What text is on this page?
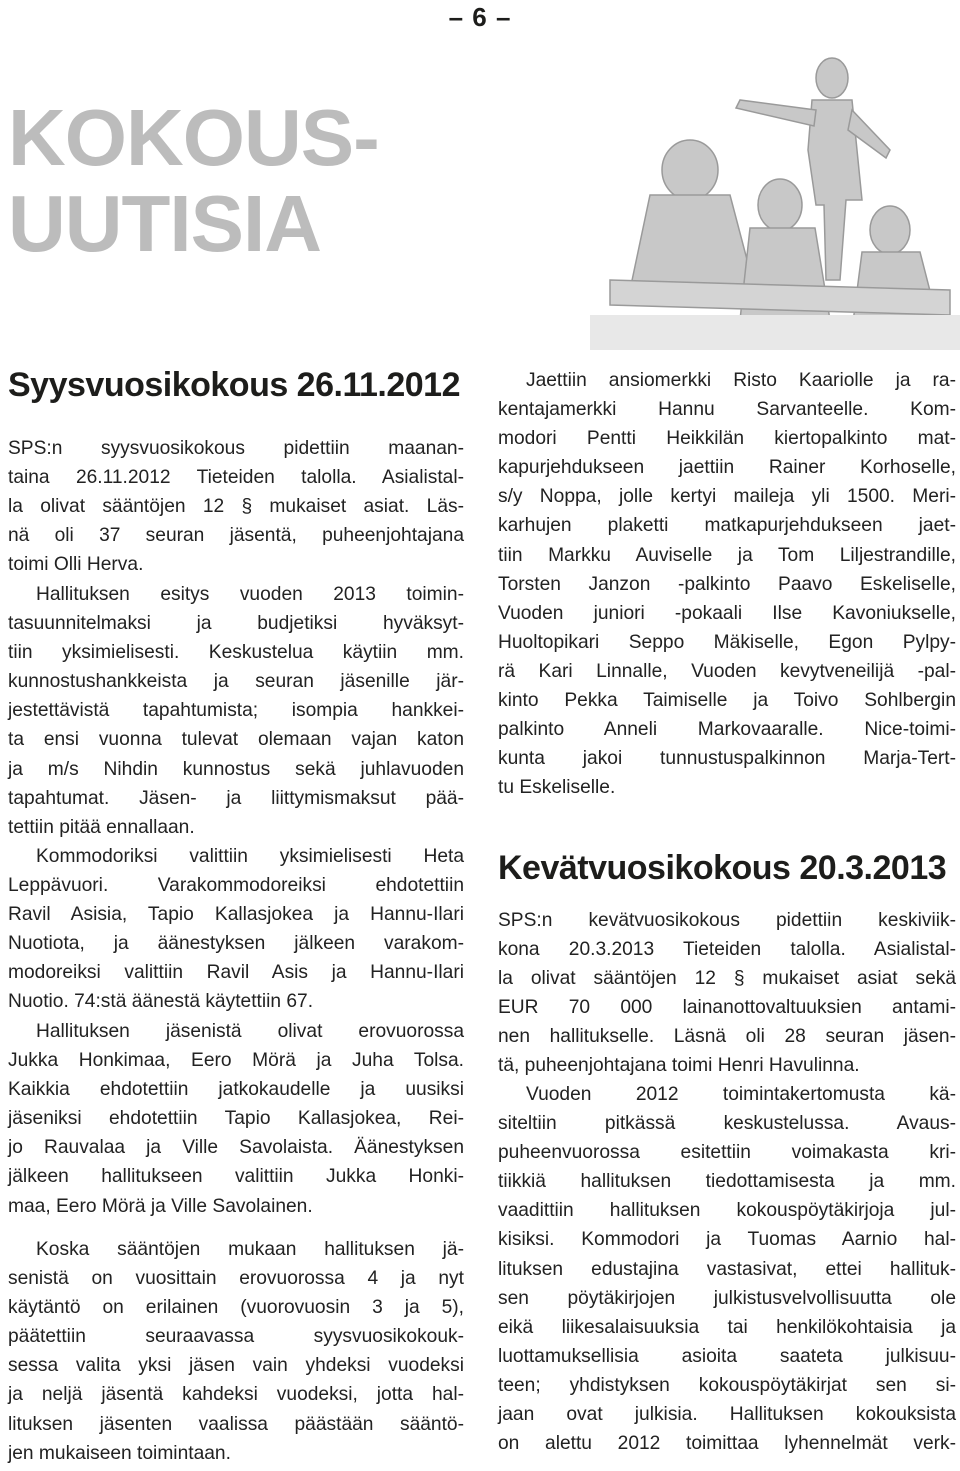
– 6 –
KOKOUS-
UUTISIA
Syysvuosikokous 26.11.2012

SPS:n syysvuosikokous pidettiin maanan-
taina 26.11.2012 Tieteiden talolla. Asialistal-
la olivat sääntöjen 12 § mukaiset asiat. Läs-
nä oli 37 seuran jäsentä, puheenjohtajana
toimi Olli Herva.

Hallituksen esitys vuoden 2013 toimin-
tasuunnitelmaksi ja budjetiksi hyväksyt-
tiin yksimielisesti. Keskustelua käytiin mm.
kunnostushankkeista ja seuran jäsenille jär-
jestettävistä tapahtumista; isompia hankkei-
ta ensi vuonna tulevat olemaan vajan katon
ja m/s Nihdin kunnostus sekä juhlavuoden
tapahtumat. Jäsen- ja liittymismaksut pää-
tettiin pitää ennallaan.

Kommodoriksi valittiin yksimielisesti Heta
Leppävuori. Varakommodoreiksi ehdotettiin
Ravil Asisia, Tapio Kallasjokea ja Hannu-Ilari
Nuotiota, ja äänestyksen jälkeen varakom-
modoreiksi valittiin Ravil Asis ja Hannu-Ilari
Nuotio. 74:stä äänestä käytettiin 67.

Hallituksen jäsenistä olivat erovuorossa
Jukka Honkimaa, Eero Mörä ja Juha Tolsa.
Kaikkia ehdotettiin jatkokaudelle ja uusiksi
jäseniksi ehdotettiin Tapio Kallasjokea, Rei-
jo Rauvalaa ja Ville Savolaista. Äänestyksen
jälkeen hallitukseen valittiin Jukka Honki-
maa, Eero Mörä ja Ville Savolainen.

Koska sääntöjen mukaan hallituksen jä-
senistä on vuosittain erovuorossa 4 ja nyt
käytäntö on erilainen (vuorovuosin 3 ja 5),
päätettiin seuraavassa syysvuosikokouk-
sessa valita yksi jäsen vain yhdeksi vuodeksi
ja neljä jäsentä kahdeksi vuodeksi, jotta hal-
lituksen jäsenten vaalissa päästään sääntö-
jen mukaiseen toimintaan.

Jaettiin ansiomerkki Risto Kaariolle ja ra-
kentajamerkki Hannu Sarvanteelle. Kom-
modori Pentti Heikkilän kiertopalkinto mat-
kapurjehdukseen jaettiin Rainer Korhoselle,
s/y Noppa, jolle kertyi maileja yli 1500. Meri-
karhujen plaketti matkapurjehdukseen jaet-
tiin Markku Auviselle ja Tom Liljestrandille,
Torsten Janzon -palkinto Paavo Eskeliselle,
Vuoden juniori -pokaali Ilse Kavoniukselle,
Huoltopikari Seppo Mäkiselle, Egon Pylpy-
rä Kari Linnalle, Vuoden kevytveneilijä -pal-
kinto Pekka Taimiselle ja Toivo Sohlbergin
palkinto Anneli Markovaaralle. Nice-toimi-
kunta jakoi tunnustuspalkinnon Marja-Tert-
tu Eskeliselle.

Kevätvuosikokous 20.3.2013

SPS:n kevätvuosikokous pidettiin keskiviik-
kona 20.3.2013 Tieteiden talolla. Asialistal-
la olivat sääntöjen 12 § mukaiset asiat sekä
EUR 70 000 lainanottovaltuuksien antami-
nen hallitukselle. Läsnä oli 28 seuran jäsen-
tä, puheenjohtajana toimi Henri Havulinna.

Vuoden 2012 toimintakertomusta kä-
siteltiin pitkässä keskustelussa. Avaus-
puheenvuorossa esitettiin voimakasta kri-
tiikkiä hallituksen tiedottamisesta ja mm.
vaadittiin hallituksen kokouspöytäkirjoja jul-
kisiksi. Kommodori ja Tuomas Aarnio hal-
lituksen edustajina vastasivat, ettei hallituk-
sen pöytäkirjojen julkistusvelvollisuutta ole
eikä liikesalaisuuksia tai henkilökohtaisia ja
luottamuksellisia asioita saateta julkisuu-
teen; yhdistyksen kokouspöytäkirjat sen si-
jaan ovat julkisia. Hallituksen kokouksista
on alettu 2012 toimittaa lyhennelmät verk-
